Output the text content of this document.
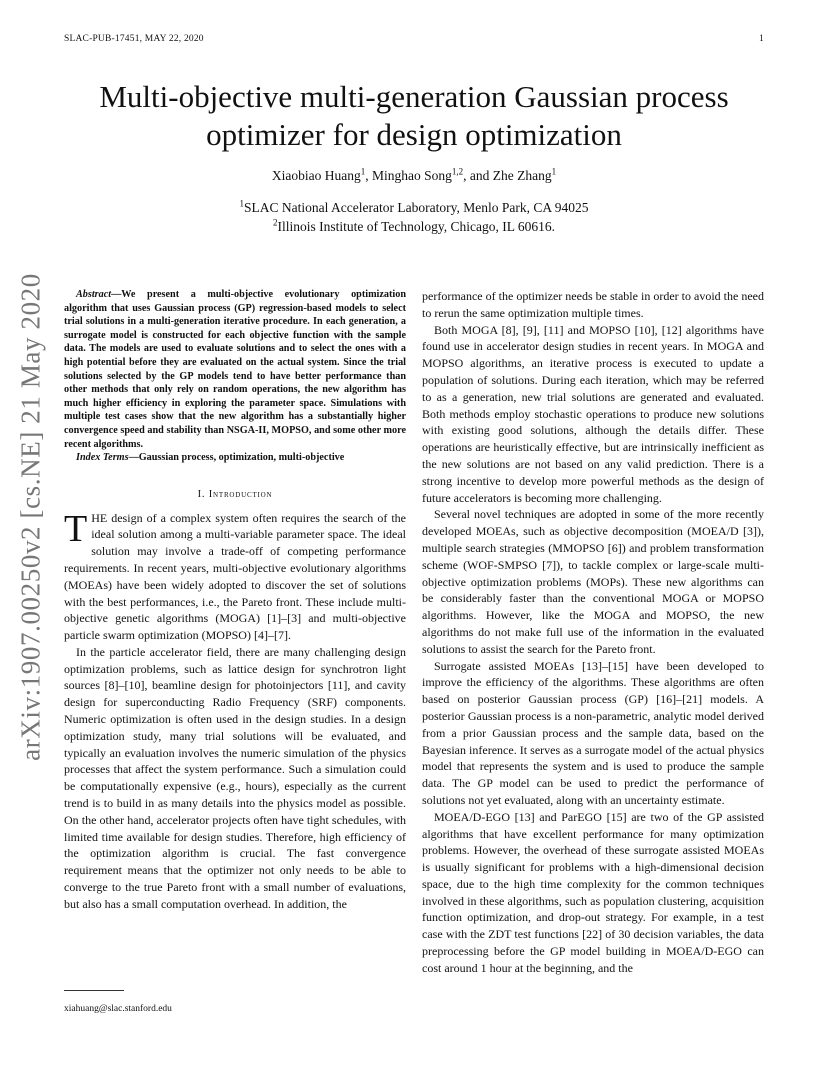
SLAC-PUB-17451, MAY 22, 2020	1
arXiv:1907.00250v2 [cs.NE] 21 May 2020
Multi-objective multi-generation Gaussian process
optimizer for design optimization
Xiaobiao Huang$^1$, Minghao Song$^{1,2}$, and Zhe Zhang$^1$
$^1$SLAC National Accelerator Laboratory, Menlo Park, CA 94025
$^2$Illinois Institute of Technology, Chicago, IL 60616.

Abstract—We present a multi-objective evolutionary optimization algorithm that uses Gaussian process (GP) regression-based models to select trial solutions in a multi-generation iterative procedure. In each generation, a surrogate model is constructed for each objective function with the sample data. The models are used to evaluate solutions and to select the ones with a high potential before they are evaluated on the actual system. Since the trial solutions selected by the GP models tend to have better performance than other methods that only rely on random operations, the new algorithm has much higher efficiency in exploring the parameter space. Simulations with multiple test cases show that the new algorithm has a substantially higher convergence speed and stability than NSGA-II, MOPSO, and some other more recent algorithms.

Index Terms—Gaussian process, optimization, multi-objective

I. Introduction

THE design of a complex system often requires the search of the ideal solution among a multi-variable parameter space. The ideal solution may involve a trade-off of competing performance requirements. In recent years, multi-objective evolutionary algorithms (MOEAs) have been widely adopted to discover the set of solutions with the best performances, i.e., the Pareto front. These include multi-objective genetic algorithms (MOGA) [1]–[3] and multi-objective particle swarm optimization (MOPSO) [4]–[7].

In the particle accelerator field, there are many challenging design optimization problems, such as lattice design for synchrotron light sources [8]–[10], beamline design for photoinjectors [11], and cavity design for superconducting Radio Frequency (SRF) components. Numeric optimization is often used in the design studies. In a design optimization study, many trial solutions will be evaluated, and typically an evaluation involves the numeric simulation of the physics processes that affect the system performance. Such a simulation could be computationally expensive (e.g., hours), especially as the current trend is to build in as many details into the physics model as possible. On the other hand, accelerator projects often have tight schedules, with limited time available for design studies. Therefore, high efficiency of the optimization algorithm is crucial. The fast convergence requirement means that the optimizer not only needs to be able to converge to the true Pareto front with a small number of evaluations, but also has a small computation overhead. In addition, the

performance of the optimizer needs be stable in order to avoid the need to rerun the same optimization multiple times.

Both MOGA [8], [9], [11] and MOPSO [10], [12] algorithms have found use in accelerator design studies in recent years. In MOGA and MOPSO algorithms, an iterative process is executed to update a population of solutions. During each iteration, which may be referred to as a generation, new trial solutions are generated and evaluated. Both methods employ stochastic operations to produce new solutions with existing good solutions, although the details differ. These operations are heuristically effective, but are intrinsically inefficient as the new solutions are not based on any valid prediction. There is a strong incentive to develop more powerful methods as the design of future accelerators is becoming more challenging.

Several novel techniques are adopted in some of the more recently developed MOEAs, such as objective decomposition (MOEA/D [3]), multiple search strategies (MMOPSO [6]) and problem transformation scheme (WOF-SMPSO [7]), to tackle complex or large-scale multi-objective optimization problems (MOPs). These new algorithms can be considerably faster than the conventional MOGA or MOPSO algorithms. However, like the MOGA and MOPSO, the new algorithms do not make full use of the information in the evaluated solutions to assist the search for the Pareto front.

Surrogate assisted MOEAs [13]–[15] have been developed to improve the efficiency of the algorithms. These algorithms are often based on posterior Gaussian process (GP) [16]–[21] models. A posterior Gaussian process is a non-parametric, analytic model derived from a prior Gaussian process and the sample data, based on the Bayesian inference. It serves as a surrogate model of the actual physics model that represents the system and is used to produce the sample data. The GP model can be used to predict the performance of solutions not yet evaluated, along with an uncertainty estimate.

MOEA/D-EGO [13] and ParEGO [15] are two of the GP assisted algorithms that have excellent performance for many optimization problems. However, the overhead of these surrogate assisted MOEAs is usually significant for problems with a high-dimensional decision space, due to the high time complexity for the common techniques involved in these algorithms, such as population clustering, acquisition function optimization, and drop-out strategy. For example, in a test case with the ZDT test functions [22] of 30 decision variables, the data preprocessing before the GP model building in MOEA/D-EGO can cost around 1 hour at the beginning, and the

xiahuang@slac.stanford.edu
